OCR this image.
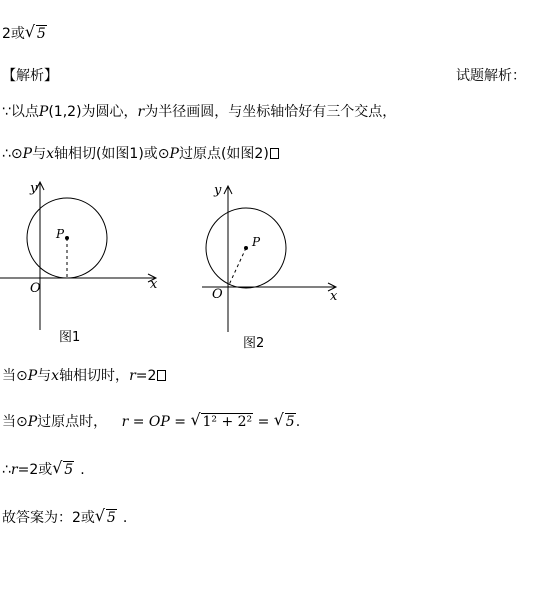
2或 √ 5
【解析】	试题解析：
∵以点P(1,2)为圆心，r为半径画圆，与坐标轴恰好有三个交点，
∴⊙P与x轴相切(如图1)或⊙P过原点(如图2)
y
x
O
P
图1
y
x
O
P
图2
当⊙P与x轴相切时，r=2
当⊙P过原点时， r = OP = √ 1² + 2² = √ 5.
∴r=2或 √ 5 .
故答案为：2或 √ 5 .
